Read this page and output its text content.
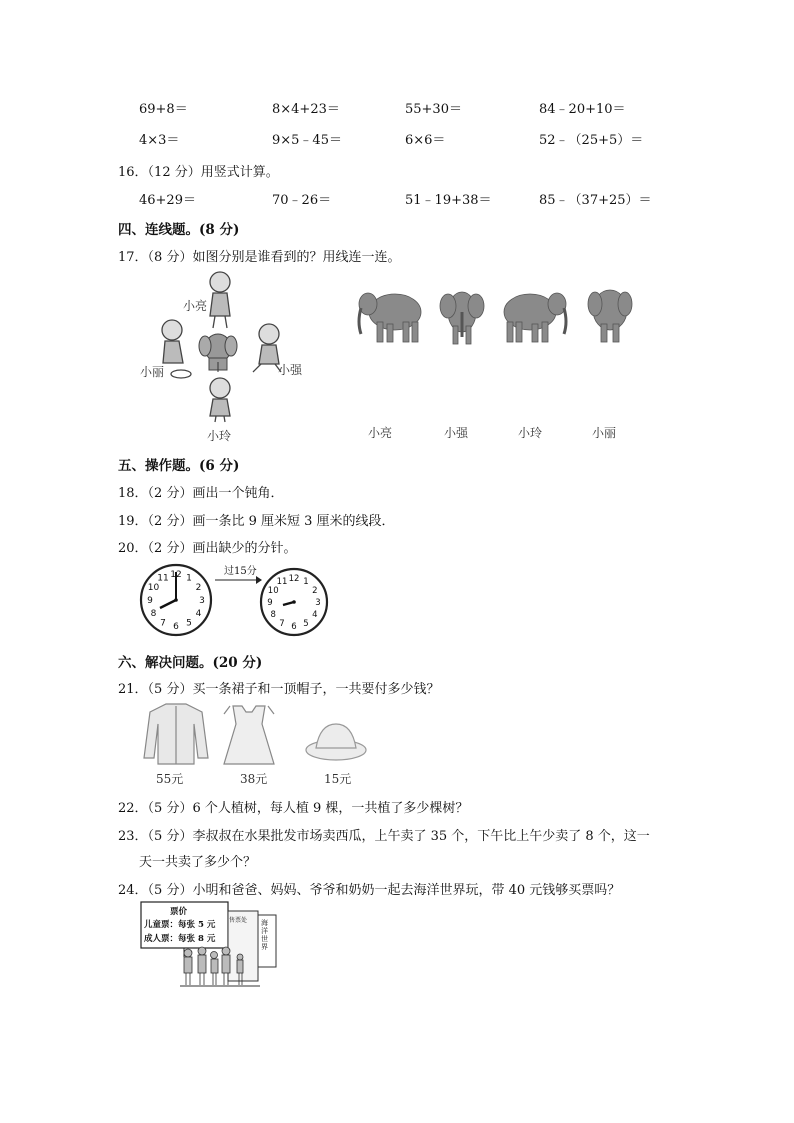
69+8＝	8×4+23＝	55+30＝	84﹣20+10＝
4×3＝	9×5﹣45＝	6×6＝	52﹣（25+5）＝
16．（12 分）用竖式计算。
46+29＝	70﹣26＝	51﹣19+38＝	85﹣（37+25）＝
四、连线题。(8 分)
17．（8 分）如图分别是谁看到的？用线连一连。
小亮
小丽	小强
小玲	小亮	小强	小玲	小丽
五、操作题。(6 分)
18．（2 分）画出一个钝角．
19．（2 分）画一条比 9 厘米短 3 厘米的线段．
20．（2 分）画出缺少的分针。
12 1
2
3
4
5
6
7
8
9
10
11	12 1
2
3
4
5
6
7
8
9
10
11
过15分
六、解决问题。(20 分)
21．（5 分）买一条裙子和一顶帽子，一共要付多少钱？
55元	38元	15元
22．（5 分）6 个人植树，每人植 9 棵，一共植了多少棵树？
23．（5 分）李叔叔在水果批发市场卖西瓜，上午卖了 35 个，下午比上午少卖了 8 个，这一
天一共卖了多少个？
24．（5 分）小明和爸爸、妈妈、爷爷和奶奶一起去海洋世界玩，带 40 元钱够买票吗？
票价
儿童票：每张 5 元
成人票：每张 8 元
售票处 海洋世界
